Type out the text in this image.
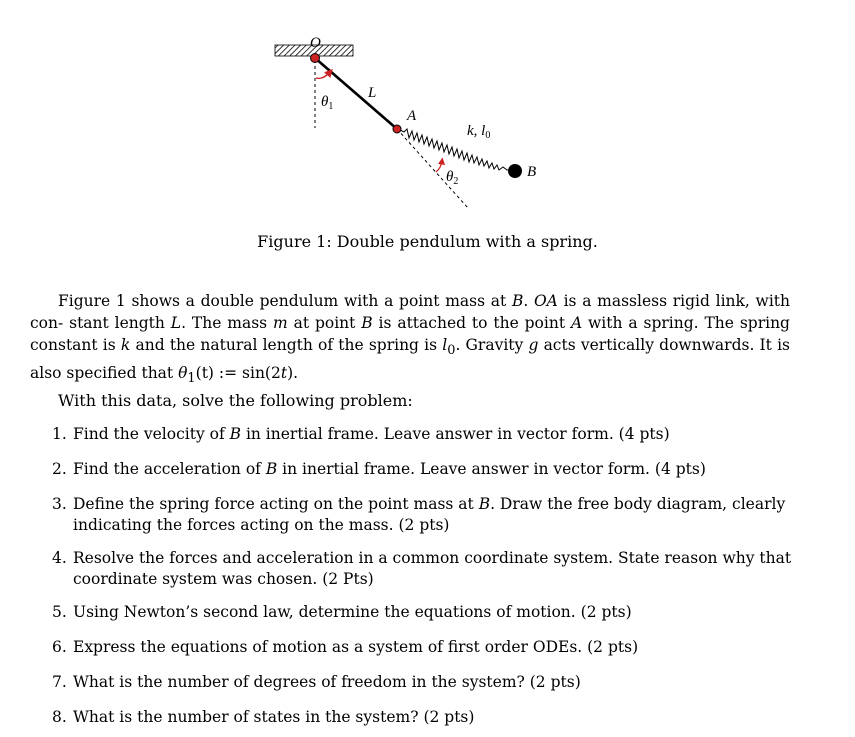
O
$\theta_1$
L
A
k, $l_0$
$\theta_2$
B
Figure 1: Double pendulum with a spring.
Figure 1 shows a double pendulum with a point mass at B. OA is a massless rigid link, with con- stant length L. The mass m at point B is attached to the point A with a spring. The spring constant is k and the natural length of the spring is $l_0$. Gravity g acts vertically downwards. It is also specified that $\theta_1(t)$ := sin(2t).
With this data, solve the following problem:
1. Find the velocity of B in inertial frame. Leave answer in vector form. (4 pts)
2. Find the acceleration of B in inertial frame. Leave answer in vector form. (4 pts)
3. Define the spring force acting on the point mass at B. Draw the free body diagram, clearly indicating the forces acting on the mass. (2 pts)
4. Resolve the forces and acceleration in a common coordinate system. State reason why that coordinate system was chosen. (2 Pts)
5. Using Newton’s second law, determine the equations of motion. (2 pts)
6. Express the equations of motion as a system of first order ODEs. (2 pts)
7. What is the number of degrees of freedom in the system? (2 pts)
8. What is the number of states in the system? (2 pts)
